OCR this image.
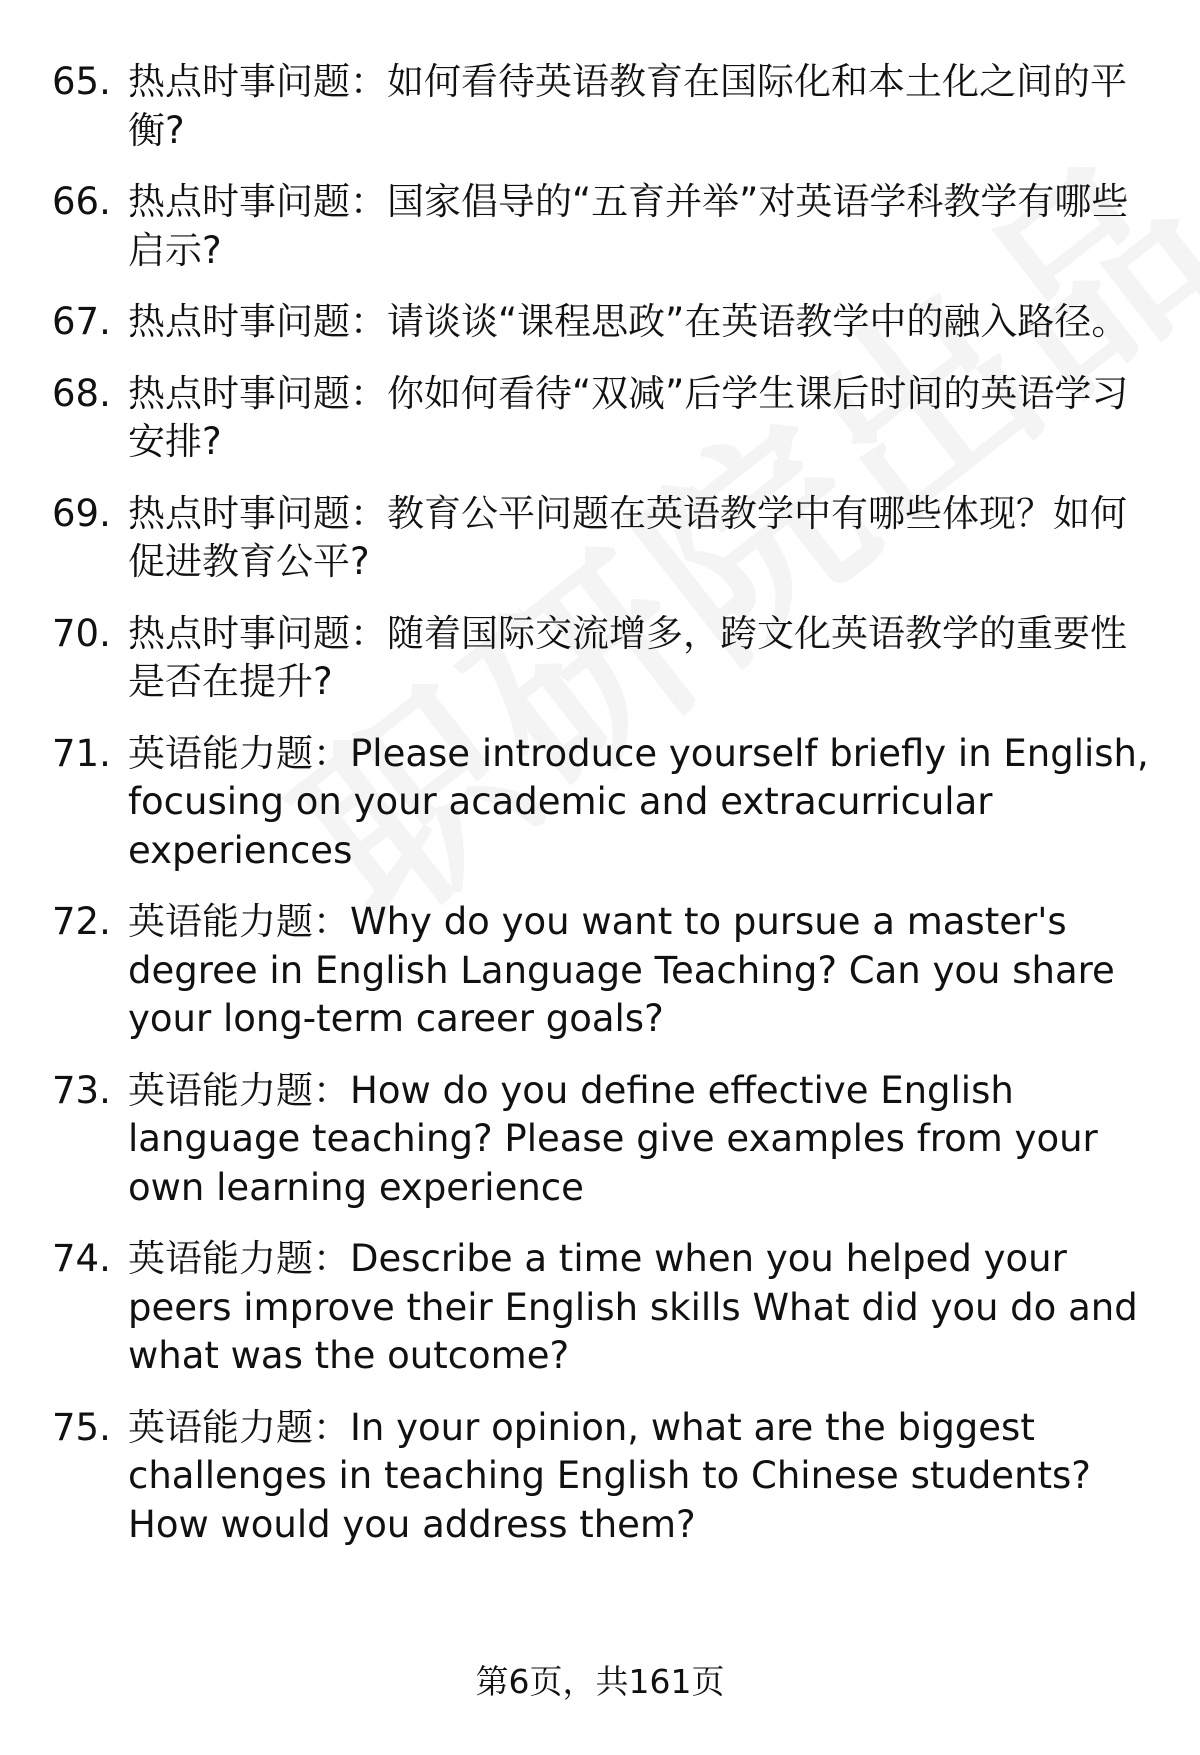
65. 热点时事问题：如何看待英语教育在国际化和本土化之间的平衡?
66. 热点时事问题：国家倡导的“五育并举”对英语学科教学有哪些启示?
67. 热点时事问题：请谈谈“课程思政”在英语教学中的融入路径。
68. 热点时事问题：你如何看待“双减”后学生课后时间的英语学习安排?
69. 热点时事问题：教育公平问题在英语教学中有哪些体现？如何促进教育公平?
70. 热点时事问题：随着国际交流增多，跨文化英语教学的重要性是否在提升?
71. 英语能力题：Please introduce yourself briefly in English, focusing on your academic and extracurricular experiences
72. 英语能力题：Why do you want to pursue a master's degree in English Language Teaching? Can you share your long-term career goals?
73. 英语能力题：How do you define effective English language teaching? Please give examples from your own learning experience
74. 英语能力题：Describe a time when you helped your peers improve their English skills What did you do and what was the outcome?
75. 英语能力题：In your opinion, what are the biggest challenges in teaching English to Chinese students? How would you address them?
第6页，共161页
